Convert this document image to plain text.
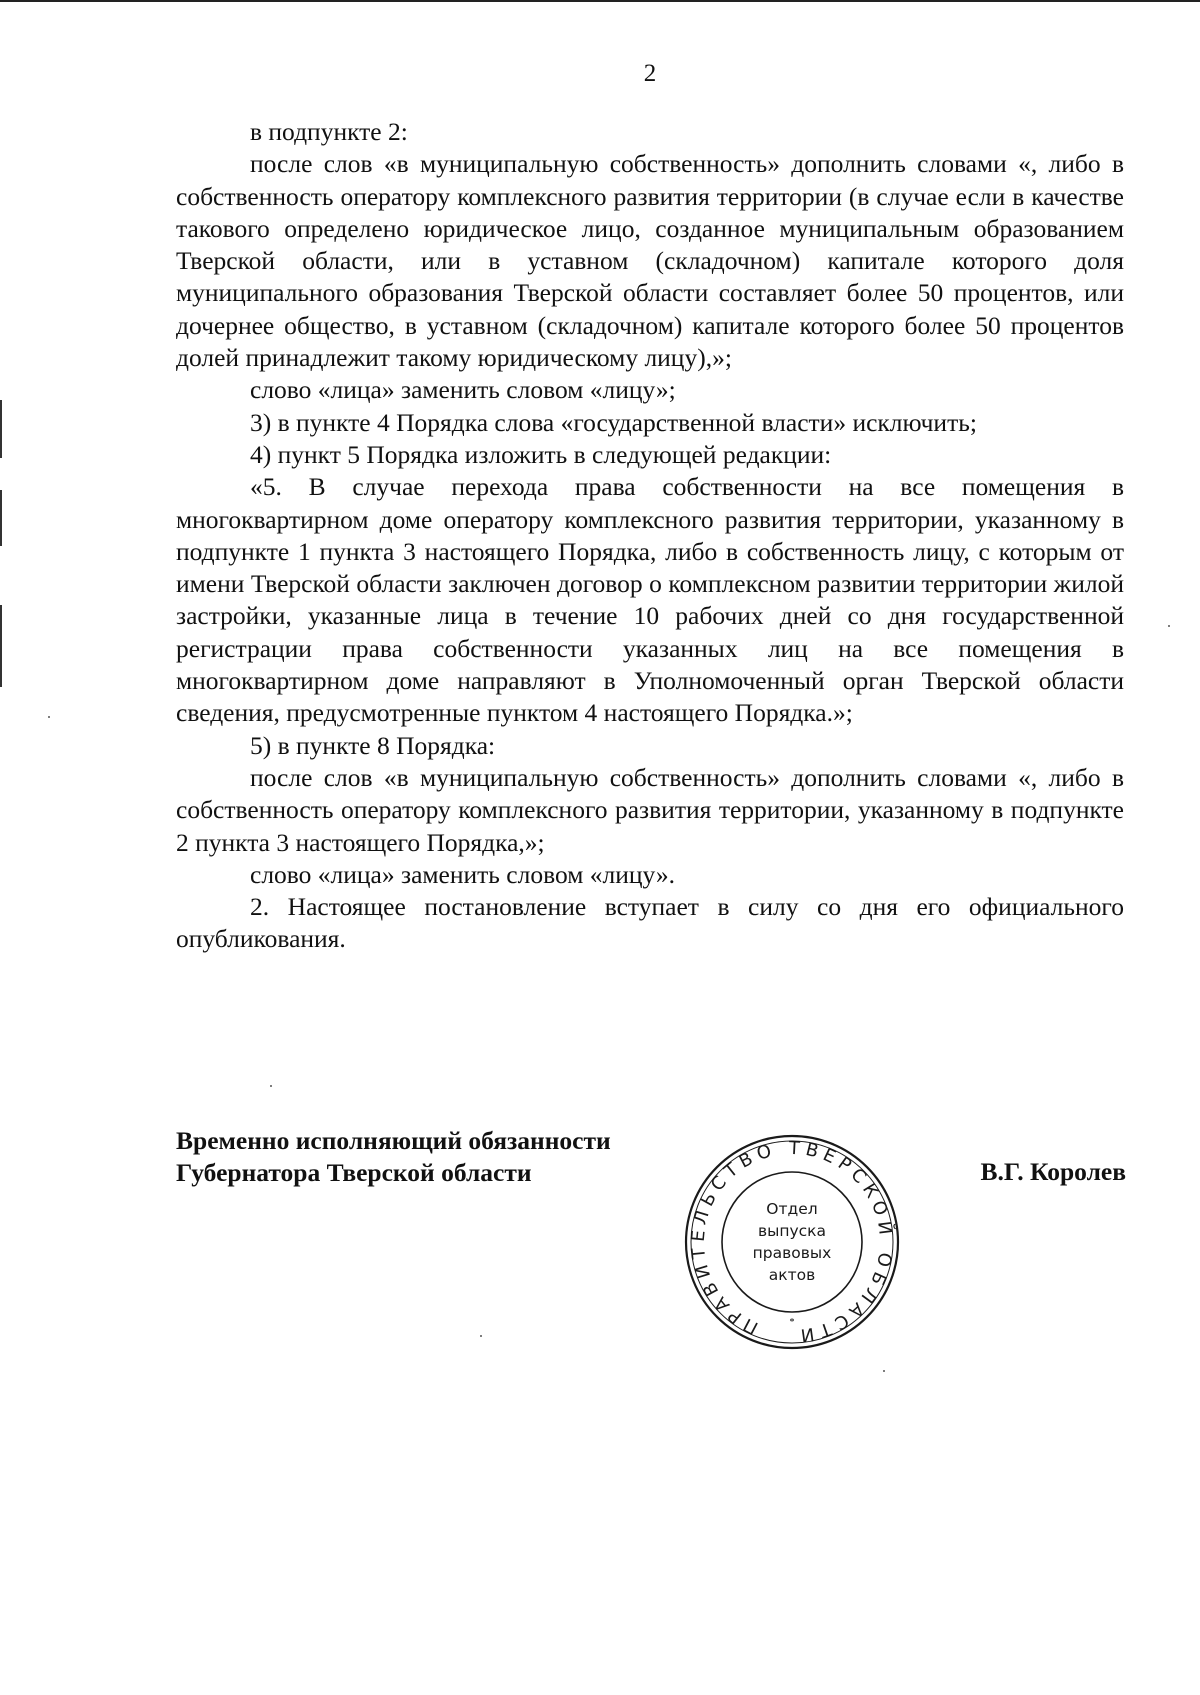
2

в подпункте 2:

после слов «в муниципальную собственность» дополнить словами «, либо в собственность оператору комплексного развития территории (в случае если в качестве такового определено юридическое лицо, созданное муниципальным образованием Тверской области, или в уставном (складочном) капитале которого доля муниципального образования Тверской области составляет более 50 процентов, или дочернее общество, в уставном (складочном) капитале которого более 50 процентов долей принадлежит такому юридическому лицу),»;

слово «лица» заменить словом «лицу»;

3) в пункте 4 Порядка слова «государственной власти» исключить;

4) пункт 5 Порядка изложить в следующей редакции:

«5. В случае перехода права собственности на все помещения в многоквартирном доме оператору комплексного развития территории, указанному в подпункте 1 пункта 3 настоящего Порядка, либо в собственность лицу, с которым от имени Тверской области заключен договор о комплексном развитии территории жилой застройки, указанные лица в течение 10 рабочих дней со дня государственной регистрации права собственности указанных лиц на все помещения в многоквартирном доме направляют в Уполномоченный орган Тверской области сведения, предусмотренные пунктом 4 настоящего Порядка.»;

5) в пункте 8 Порядка:

после слов «в муниципальную собственность» дополнить словами «, либо в собственность оператору комплексного развития территории, указанному в подпункте 2 пункта 3 настоящего Порядка,»;

слово «лица» заменить словом «лицу».

2. Настоящее постановление вступает в силу со дня его официального опубликования.

Временно исполняющий обязанности
Губернатора Тверской области	В.Г. Королев
ПРАВИТЕЛЬСТВО ТВЕРСКОЙ ОБЛАСТИ
Отдел
выпуска
правовых
актов
*
